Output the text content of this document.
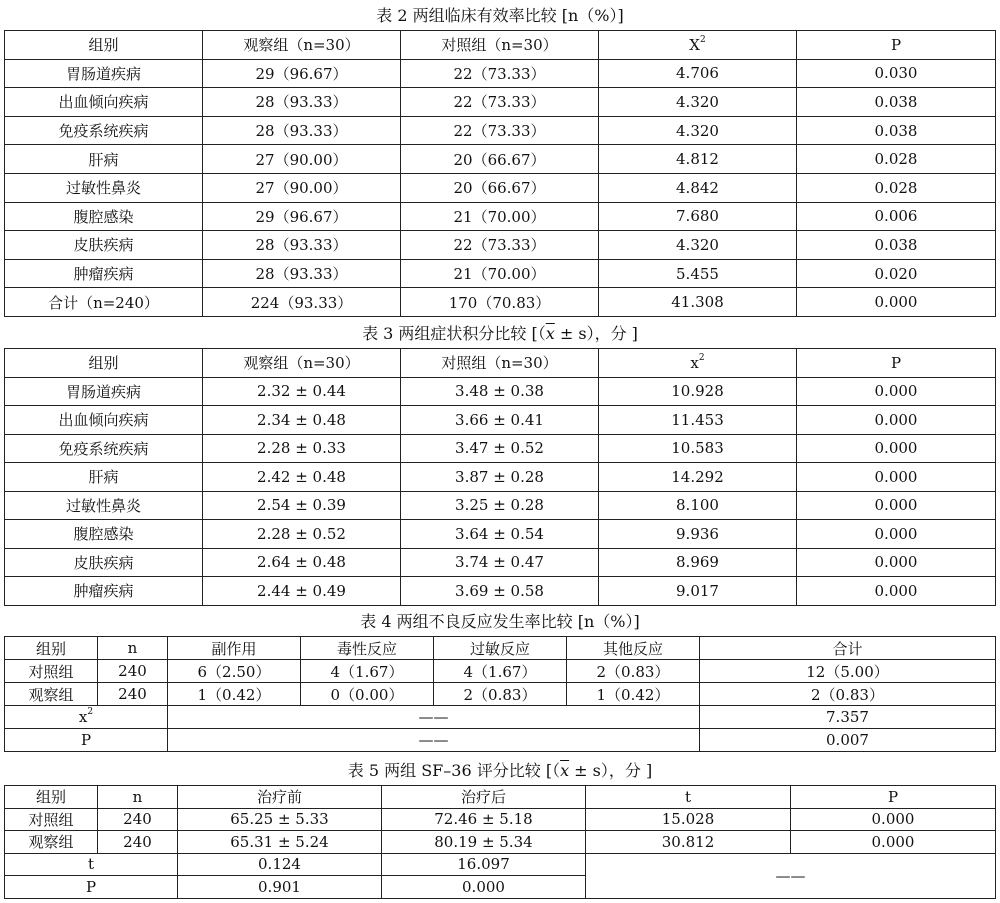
表 2 两组临床有效率比较 [n（%）]
组别	观察组（n=30）	对照组（n=30）	$X^2$	P
胃肠道疾病	29（96.67）	22（73.33）	4.706	0.030
出血倾向疾病	28（93.33）	22（73.33）	4.320	0.038
免疫系统疾病	28（93.33）	22（73.33）	4.320	0.038
肝病	27（90.00）	20（66.67）	4.812	0.028
过敏性鼻炎	27（90.00）	20（66.67）	4.842	0.028
腹腔感染	29（96.67）	21（70.00）	7.680	0.006
皮肤疾病	28（93.33）	22（73.33）	4.320	0.038
肿瘤疾病	28（93.33）	21（70.00）	5.455	0.020
合计（n=240）	224（93.33）	170（70.83）	41.308	0.000
表 3 两组症状积分比较 [$(\overline{x} \pm s)$，分 ]
组别	观察组（n=30）	对照组（n=30）	$x^2$	P
胃肠道疾病	2.32 ± 0.44	3.48 ± 0.38	10.928	0.000
出血倾向疾病	2.34 ± 0.48	3.66 ± 0.41	11.453	0.000
免疫系统疾病	2.28 ± 0.33	3.47 ± 0.52	10.583	0.000
肝病	2.42 ± 0.48	3.87 ± 0.28	14.292	0.000
过敏性鼻炎	2.54 ± 0.39	3.25 ± 0.28	8.100	0.000
腹腔感染	2.28 ± 0.52	3.64 ± 0.54	9.936	0.000
皮肤疾病	2.64 ± 0.48	3.74 ± 0.47	8.969	0.000
肿瘤疾病	2.44 ± 0.49	3.69 ± 0.58	9.017	0.000
表 4 两组不良反应发生率比较 [n（%）]
组别	n	副作用	毒性反应	过敏反应	其他反应	合计
对照组	240	6（2.50）	4（1.67）	4（1.67）	2（0.83）	12（5.00）
观察组	240	1（0.42）	0（0.00）	2（0.83）	1（0.42）	2（0.83）
$x^2$		——				7.357
P		——				0.007
表 5 两组 SF–36 评分比较 [$(\overline{x} \pm s)$，分 ]
组别	n	治疗前	治疗后	t	P
对照组	240	65.25 ± 5.33	72.46 ± 5.18	15.028	0.000
观察组	240	65.31 ± 5.24	80.19 ± 5.34	30.812	0.000
t		0.124	16.097	——	
P		0.901	0.000		
